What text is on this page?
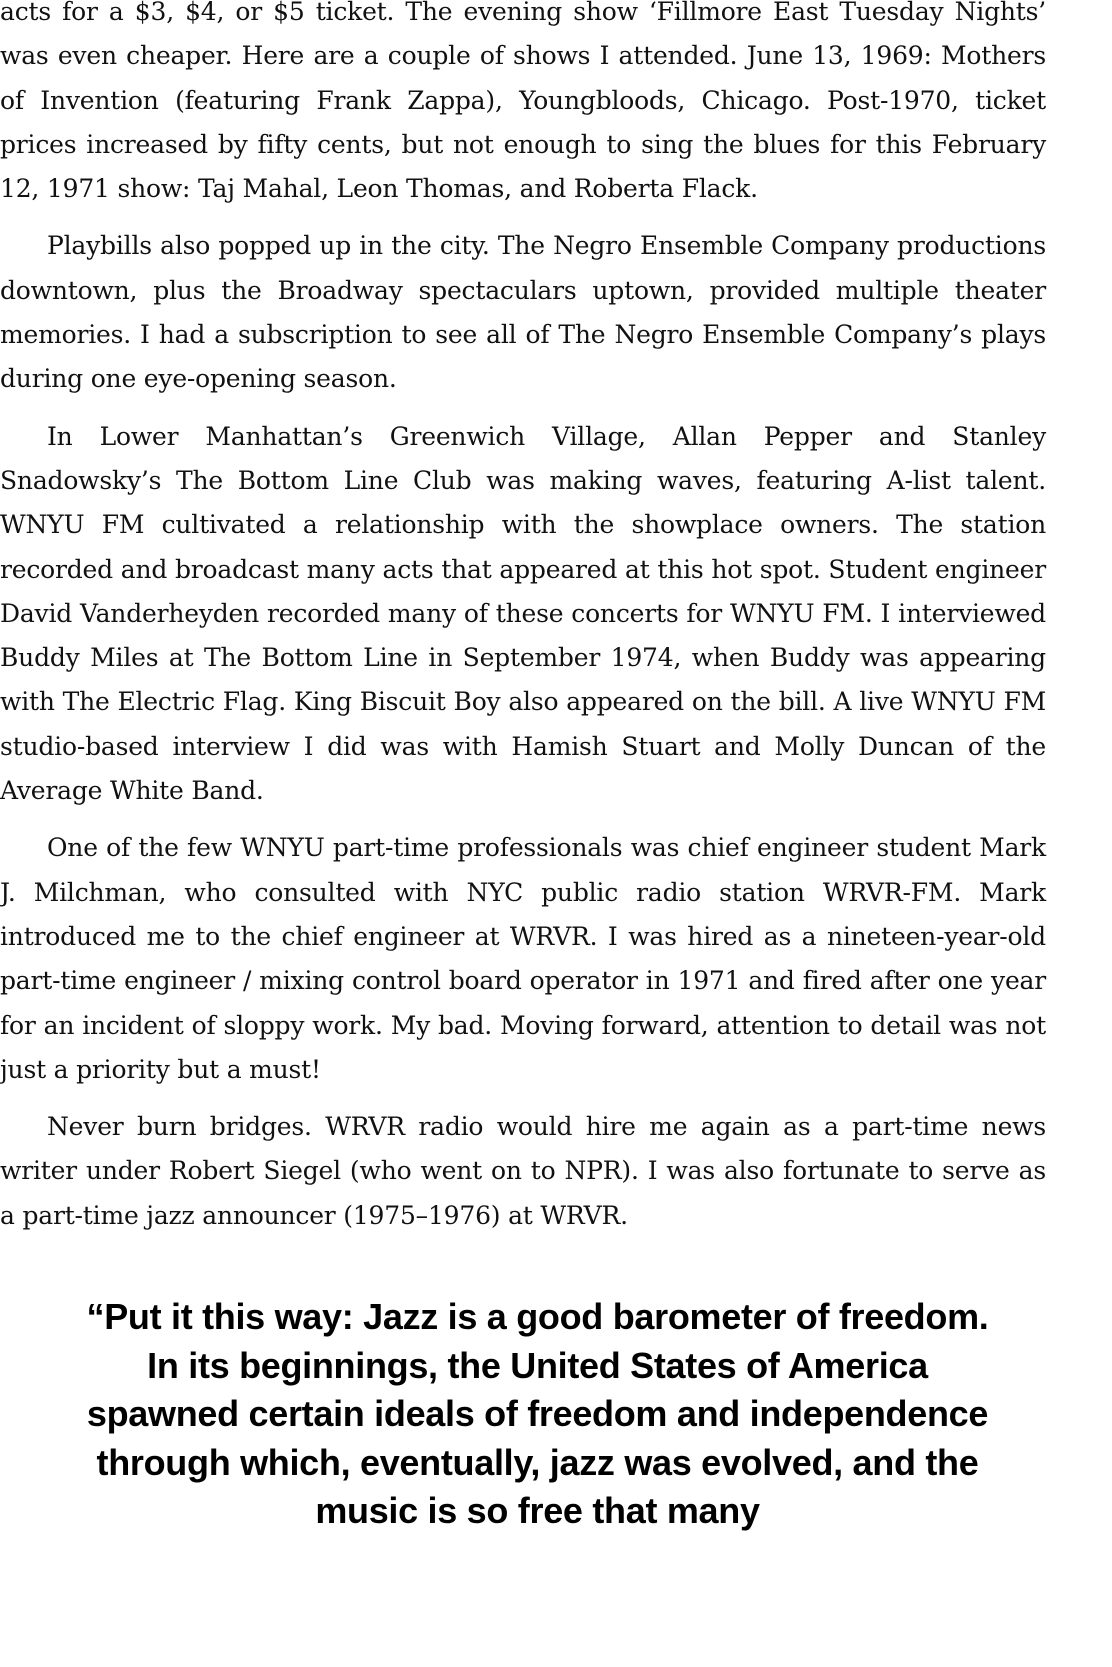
acts for a $3, $4, or $5 ticket. The evening show ‘Fillmore East Tuesday Nights’ was even cheaper. Here are a couple of shows I attended. June 13, 1969: Mothers of Invention (featuring Frank Zappa), Youngbloods, Chicago. Post-1970, ticket prices increased by fifty cents, but not enough to sing the blues for this February 12, 1971 show: Taj Mahal, Leon Thomas, and Roberta Flack.

Playbills also popped up in the city. The Negro Ensemble Company productions downtown, plus the Broadway spectaculars uptown, provided multiple theater memories. I had a subscription to see all of The Negro Ensemble Company’s plays during one eye-opening season.

In Lower Manhattan’s Greenwich Village, Allan Pepper and Stanley Snadowsky’s The Bottom Line Club was making waves, featuring A-list talent. WNYU FM cultivated a relationship with the showplace owners. The station recorded and broadcast many acts that appeared at this hot spot. Student engineer David Vanderheyden recorded many of these concerts for WNYU FM. I interviewed Buddy Miles at The Bottom Line in September 1974, when Buddy was appearing with The Electric Flag. King Biscuit Boy also appeared on the bill. A live WNYU FM studio-based interview I did was with Hamish Stuart and Molly Duncan of the Average White Band.

One of the few WNYU part-time professionals was chief engineer student Mark J. Milchman, who consulted with NYC public radio station WRVR-FM. Mark introduced me to the chief engineer at WRVR. I was hired as a nineteen-year-old part-time engineer / mixing control board operator in 1971 and fired after one year for an incident of sloppy work. My bad. Moving forward, attention to detail was not just a priority but a must!

Never burn bridges. WRVR radio would hire me again as a part-time news writer under Robert Siegel (who went on to NPR). I was also fortunate to serve as a part-time jazz announcer (1975–1976) at WRVR.

“Put it this way: Jazz is a good barometer of freedom. In its beginnings, the United States of America spawned certain ideals of freedom and independence through which, eventually, jazz was evolved, and the music is so free that many
